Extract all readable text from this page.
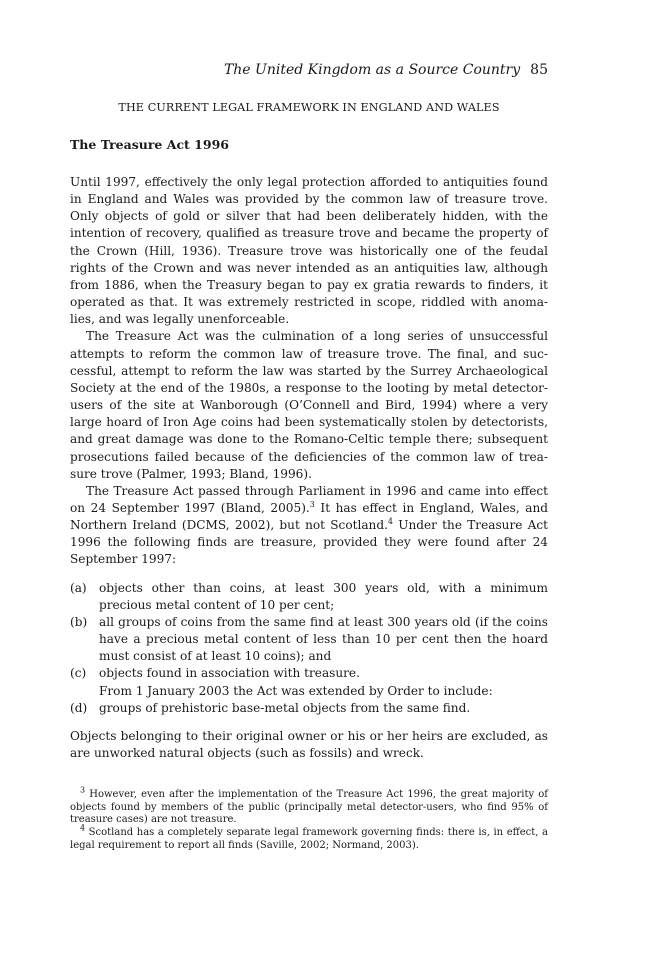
The United Kingdom as a Source Country 85
THE CURRENT LEGAL FRAMEWORK IN ENGLAND AND WALES
The Treasure Act 1996

Until 1997, effectively the only legal protection afforded to antiquities found in England and Wales was provided by the common law of treasure trove. Only objects of gold or silver that had been deliberately hidden, with the intention of recovery, qualified as treasure trove and became the property of the Crown (Hill, 1936). Treasure trove was historically one of the feudal rights of the Crown and was never intended as an antiquities law, although from 1886, when the Treasury began to pay ex gratia rewards to finders, it operated as that. It was extremely restricted in scope, riddled with anomalies, and was legally unenforceable.

The Treasure Act was the culmination of a long series of unsuccessful attempts to reform the common law of treasure trove. The final, and successful, attempt to reform the law was started by the Surrey Archaeological Society at the end of the 1980s, a response to the looting by metal detector-users of the site at Wanborough (O’Connell and Bird, 1994) where a very large hoard of Iron Age coins had been systematically stolen by detectorists, and great damage was done to the Romano-Celtic temple there; subsequent prosecutions failed because of the deficiencies of the common law of treasure trove (Palmer, 1993; Bland, 1996).

The Treasure Act passed through Parliament in 1996 and came into effect on 24 September 1997 (Bland, 2005).$^3$ It has effect in England, Wales, and Northern Ireland (DCMS, 2002), but not Scotland.$^4$ Under the Treasure Act 1996 the following finds are treasure, provided they were found after 24 September 1997:

(a) objects other than coins, at least 300 years old, with a minimum precious metal content of 10 per cent;
(b) all groups of coins from the same find at least 300 years old (if the coins have a precious metal content of less than 10 per cent then the hoard must consist of at least 10 coins); and
(c) objects found in association with treasure.
From 1 January 2003 the Act was extended by Order to include:
(d) groups of prehistoric base-metal objects from the same find.

Objects belonging to their original owner or his or her heirs are excluded, as are unworked natural objects (such as fossils) and wreck.

$^3$ However, even after the implementation of the Treasure Act 1996, the great majority of objects found by members of the public (principally metal detector-users, who find 95% of treasure cases) are not treasure.

$^4$ Scotland has a completely separate legal framework governing finds: there is, in effect, a legal requirement to report all finds (Saville, 2002; Normand, 2003).
